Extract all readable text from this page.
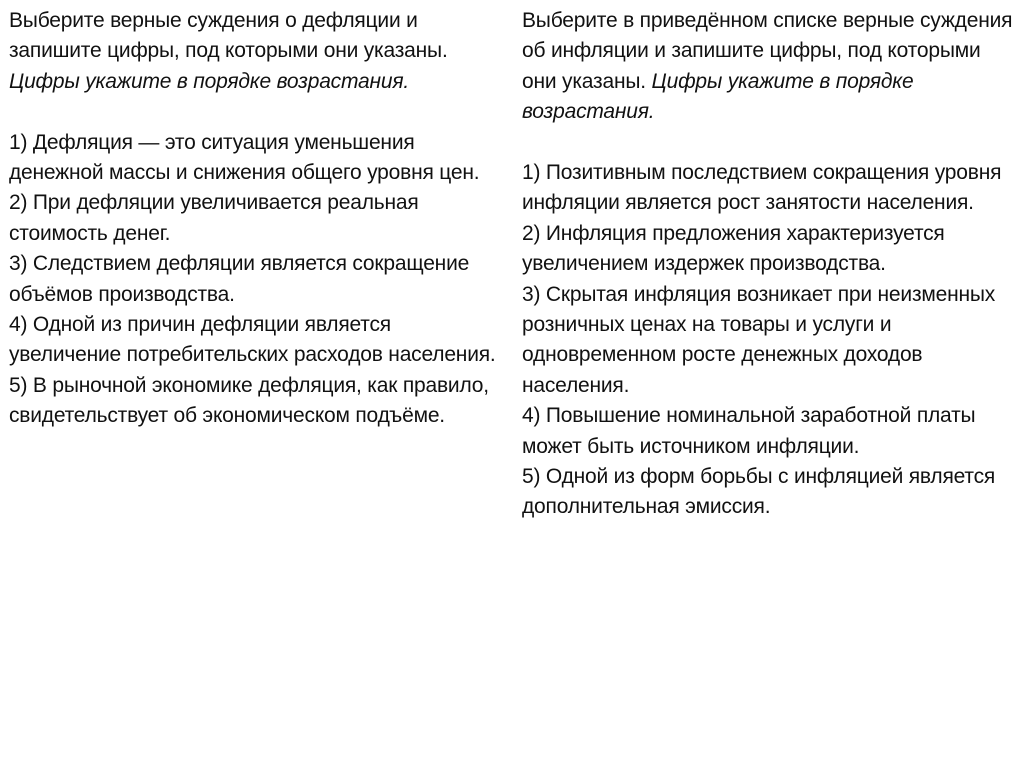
Выберите верные суждения о дефляции и запишите цифры, под которыми они указаны. Цифры укажите в порядке возрастания.

1) Дефляция — это ситуация уменьшения денежной массы и снижения общего уровня цен.

2) При дефляции увеличивается реальная стоимость денег.

3) Следствием дефляции является сокращение объёмов производства.

4) Одной из причин дефляции является увеличение потребительских расходов населения.

5) В рыночной экономике дефляция, как правило, свидетельствует об экономическом подъёме.

Выберите в приведённом списке верные суждения об инфляции и запишите цифры, под которыми они указаны. Цифры укажите в порядке возрастания.

1) Позитивным последствием сокращения уровня инфляции является рост занятости населения.

2) Инфляция предложения характеризуется увеличением издержек производства.

3) Скрытая инфляция возникает при неизменных розничных ценах на товары и услуги и одновременном росте денежных доходов населения.

4) Повышение номинальной заработной платы может быть источником инфляции.

5) Одной из форм борьбы с инфляцией является дополнительная эмиссия.
